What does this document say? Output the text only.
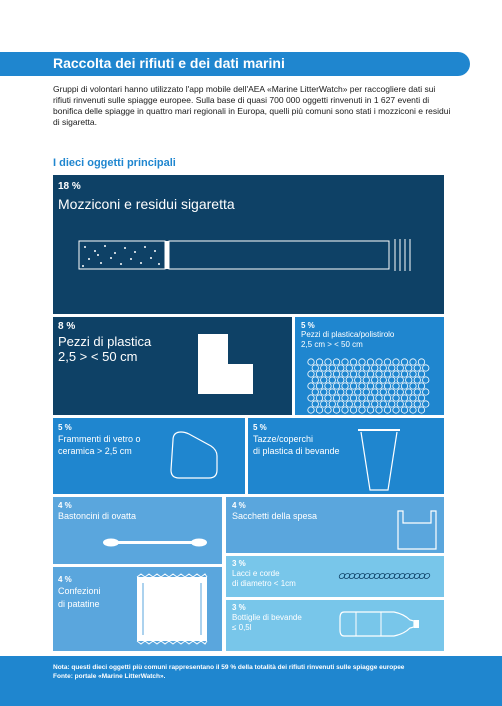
Raccolta dei rifiuti e dei dati marini
Gruppi di volontari hanno utilizzato l'app mobile dell'AEA «Marine LitterWatch» per raccogliere dati sui rifiuti rinvenuti sulle spiagge europee. Sulla base di quasi 700 000 oggetti rinvenuti in 1 627 eventi di bonifica delle spiagge in quattro mari regionali in Europa, quelli più comuni sono stati i mozziconi e residui di sigaretta.
I dieci oggetti principali
18 %
Mozziconi e residui sigaretta
8 %
Pezzi di plastica
2,5 > < 50 cm
5 %
Pezzi di plastica/polistirolo
2,5 cm > < 50 cm
5 %
Frammenti di vetro o
ceramica > 2,5 cm
5 %
Tazze/coperchi
di plastica di bevande
4 %
Bastoncini di ovatta
4 %
Sacchetti della spesa
3 %
Lacci e corde
di diametro < 1cm
4 %
Confezioni
di patatine	3 %
Bottiglie di bevande
≤ 0,5l
Nota: questi dieci oggetti più comuni rappresentano il 59 % della totalità dei rifiuti rinvenuti sulle spiagge europee
Fonte: portale «Marine LitterWatch».
